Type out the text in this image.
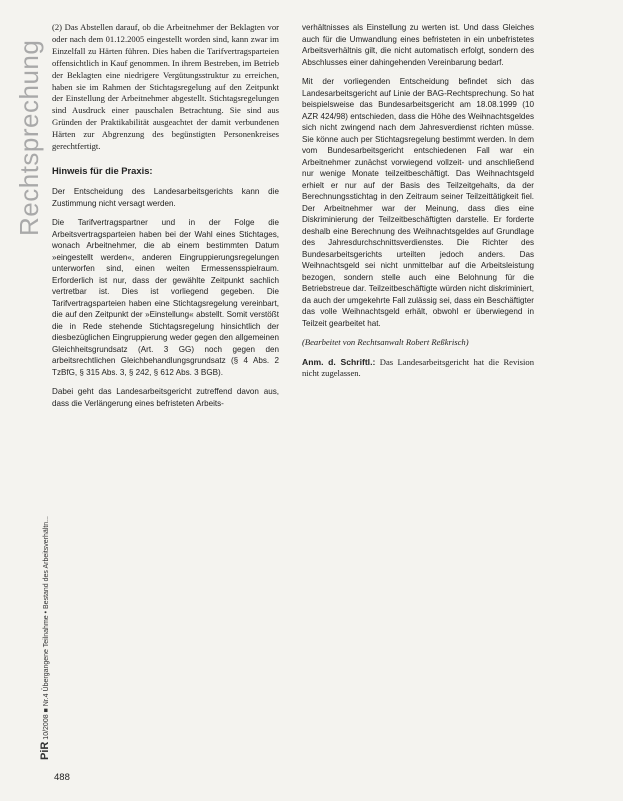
Rechtsprechung
PiR 10/2008 ■ Nr.4 Übergangene Teilnahme • Bestand des Arbeitsverhältn...

(2) Das Abstellen darauf, ob die Arbeitnehmer der Beklagten vor oder nach dem 01.12.2005 eingestellt worden sind, kann zwar im Einzelfall zu Härten führen. Dies haben die Tarifvertragsparteien offensichtlich in Kauf genommen. In ihrem Bestreben, im Betrieb der Beklagten eine niedrigere Vergütungsstruktur zu erreichen, haben sie im Rahmen der Stichtagsregelung auf den Zeitpunkt der Einstellung der Arbeitnehmer abgestellt. Stichtagsregelungen sind Ausdruck einer pauschalen Betrachtung. Sie sind aus Gründen der Praktikabilität ausgeachtet der damit verbundenen Härten zur Abgrenzung des begünstigten Personenkreises gerechtfertigt.

Hinweis für die Praxis:

Der Entscheidung des Landesarbeitsgerichts kann die Zustimmung nicht versagt werden.

Die Tarifvertragspartner und in der Folge die Arbeitsvertragsparteien haben bei der Wahl eines Stichtages, wonach Arbeitnehmer, die ab einem bestimmten Datum »eingestellt werden«, anderen Eingruppierungsregelungen unterworfen sind, einen weiten Ermessensspielraum. Erforderlich ist nur, dass der gewählte Zeitpunkt sachlich vertretbar ist. Dies ist vorliegend gegeben. Die Tarifvertragsparteien haben eine Stichtagsregelung vereinbart, die auf den Zeitpunkt der »Einstellung« abstellt. Somit verstößt die in Rede stehende Stichtagsregelung hinsichtlich der diesbezüglichen Eingruppierung weder gegen den allgemeinen Gleichheitsgrundsatz (Art. 3 GG) noch gegen den arbeitsrechtlichen Gleichbehandlungsgrundsatz (§ 4 Abs. 2 TzBfG, § 315 Abs. 3, § 242, § 612 Abs. 3 BGB).

Dabei geht das Landesarbeitsgericht zutreffend davon aus, dass die Verlängerung eines befristeten Arbeits-

verhältnisses als Einstellung zu werten ist. Und dass Gleiches auch für die Umwandlung eines befristeten in ein unbefristetes Arbeitsverhältnis gilt, die nicht automatisch erfolgt, sondern des Abschlusses einer dahingehenden Vereinbarung bedarf.

Mit der vorliegenden Entscheidung befindet sich das Landesarbeitsgericht auf Linie der BAG-Rechtsprechung. So hat beispielsweise das Bundesarbeitsgericht am 18.08.1999 (10 AZR 424/98) entschieden, dass die Höhe des Weihnachtsgeldes sich nicht zwingend nach dem Jahresverdienst richten müsse. Sie könne auch per Stichtagsregelung bestimmt werden. In dem vom Bundesarbeitsgericht entschiedenen Fall war ein Arbeitnehmer zunächst vorwiegend vollzeit- und anschließend nur wenige Monate teilzeitbeschäftigt. Das Weihnachtsgeld erhielt er nur auf der Basis des Teilzeitgehalts, da der Berechnungsstichtag in den Zeitraum seiner Teilzeittätigkeit fiel. Der Arbeitnehmer war der Meinung, dass dies eine Diskriminierung der Teilzeitbeschäftigten darstelle. Er forderte deshalb eine Berechnung des Weihnachtsgeldes auf Grundlage des Jahresdurchschnittsverdienstes. Die Richter des Bundesarbeitsgerichts urteilten jedoch anders. Das Weihnachtsgeld sei nicht unmittelbar auf die Arbeitsleistung bezogen, sondern stelle auch eine Belohnung für die Betriebstreue dar. Teilzeitbeschäftigte würden nicht diskriminiert, da auch der umgekehrte Fall zulässig sei, dass ein Beschäftigter das volle Weihnachtsgeld erhält, obwohl er überwiegend in Teilzeit gearbeitet hat.

(Bearbeitet von Rechtsanwalt Robert Reßkrisch)

Anm. d. Schriftl.: Das Landesarbeitsgericht hat die Revision nicht zugelassen.

488
